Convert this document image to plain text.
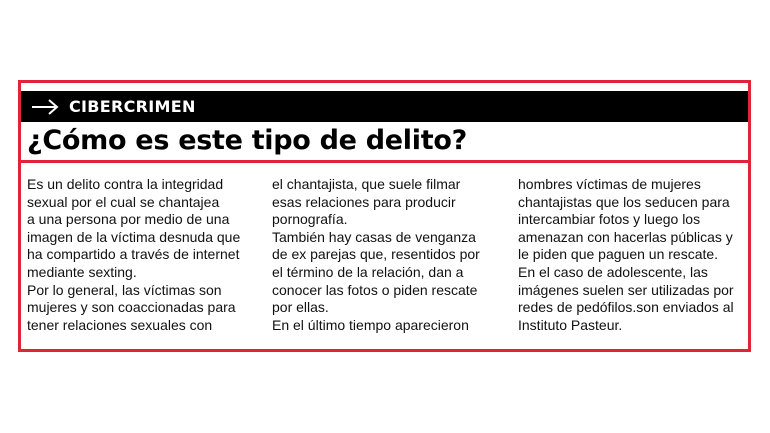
CIBERCRIMEN
¿Cómo es este tipo de delito?

Es un delito contra la integridad

sexual por el cual se chantajea

a una persona por medio de una

imagen de la víctima desnuda que

ha compartido a través de internet

mediante sexting.

Por lo general, las víctimas son

mujeres y son coaccionadas para

tener relaciones sexuales con

el chantajista, que suele filmar

esas relaciones para producir

pornografía.

También hay casas de venganza

de ex parejas que, resentidos por

el término de la relación, dan a

conocer las fotos o piden rescate

por ellas.

En el último tiempo aparecieron

hombres víctimas de mujeres

chantajistas que los seducen para

intercambiar fotos y luego los

amenazan con hacerlas públicas y

le piden que paguen un rescate.

En el caso de adolescente, las

imágenes suelen ser utilizadas por

redes de pedófilos.son enviados al

Instituto Pasteur.
